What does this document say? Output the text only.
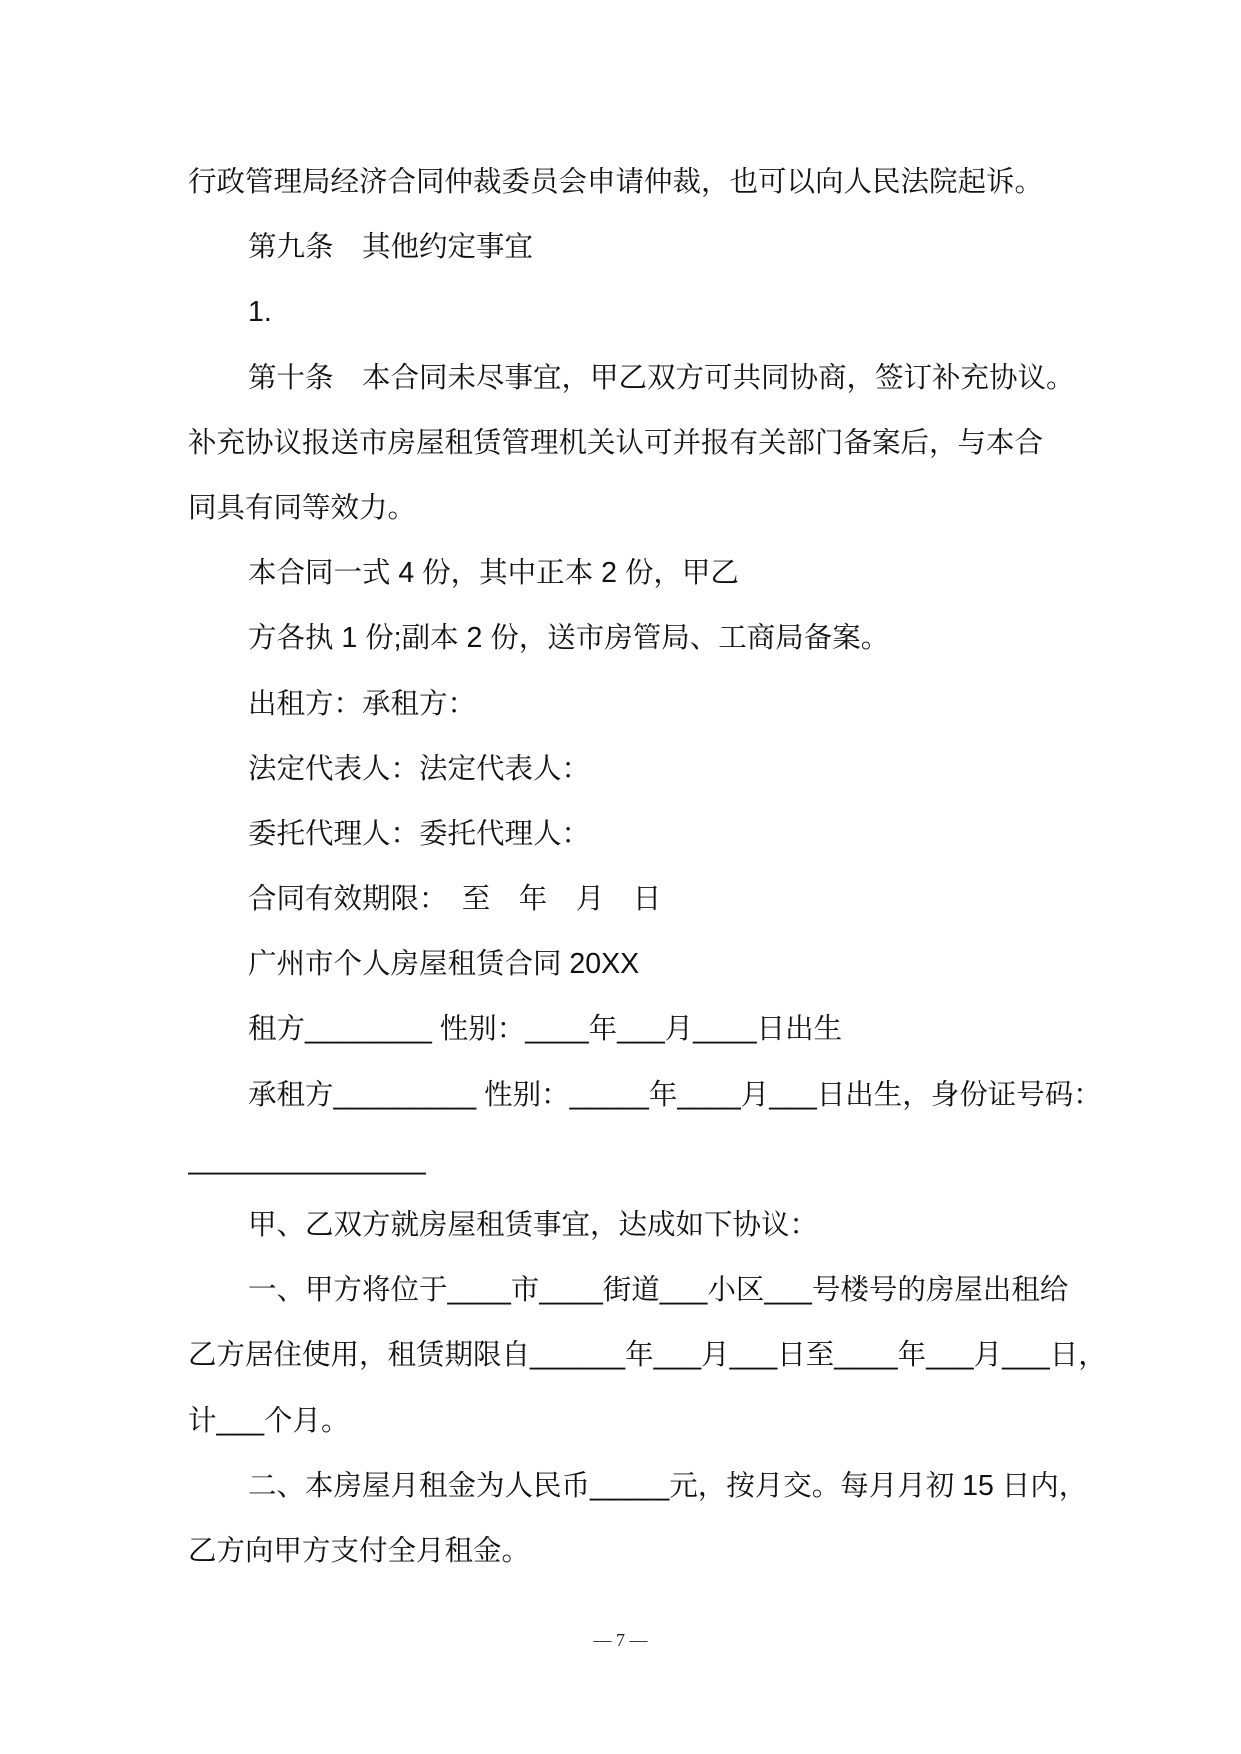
行政管理局经济合同仲裁委员会申请仲裁，也可以向人民法院起诉。
第九条　其他约定事宜
1.
第十条　本合同未尽事宜，甲乙双方可共同协商，签订补充协议。
补充协议报送市房屋租赁管理机关认可并报有关部门备案后，与本合
同具有同等效力。
本合同一式 4 份，其中正本 2 份，甲乙
方各执 1 份;副本 2 份，送市房管局、工商局备案。
出租方：承租方：
法定代表人：法定代表人：
委托代理人：委托代理人：
合同有效期限：　至　年　月　日
广州市个人房屋租赁合同 20XX
租方________ 性别：____年___月____日出生
承租方_________ 性别：_____年____月___日出生，身份证号码：
_______________
甲、乙双方就房屋租赁事宜，达成如下协议：
一、甲方将位于____市____街道___小区___号楼号的房屋出租给
乙方居住使用，租赁期限自______年___月___日至____年___月___日，
计___个月。
二、本房屋月租金为人民币_____元，按月交。每月月初 15 日内，
乙方向甲方支付全月租金。
— 7 —
